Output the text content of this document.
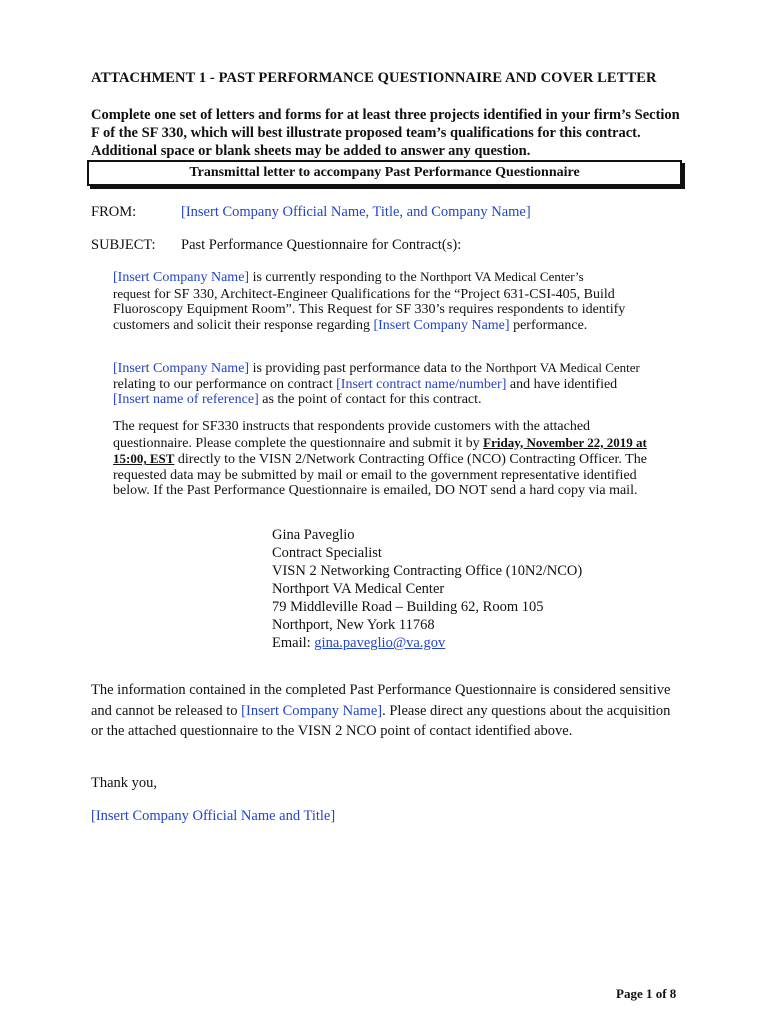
ATTACHMENT 1 - PAST PERFORMANCE QUESTIONNAIRE AND COVER LETTER
Complete one set of letters and forms for at least three projects identified in your firm’s Section F of the SF 330, which will best illustrate proposed team’s qualifications for this contract. Additional space or blank sheets may be added to answer any question.
Transmittal letter to accompany Past Performance Questionnaire
FROM:	[Insert Company Official Name, Title, and Company Name]
SUBJECT: Past Performance Questionnaire for Contract(s):
[Insert Company Name] is currently responding to the Northport VA Medical Center’s
request for SF 330, Architect-Engineer Qualifications for the “Project 631-CSI-405, Build Fluoroscopy Equipment Room”. This Request for SF 330’s requires respondents to identify customers and solicit their response regarding [Insert Company Name] performance.
[Insert Company Name] is providing past performance data to the Northport VA Medical Center relating to our performance on contract [Insert contract name/number] and have identified [Insert name of reference] as the point of contact for this contract.
The request for SF330 instructs that respondents provide customers with the attached questionnaire. Please complete the questionnaire and submit it by Friday, November 22, 2019 at 15:00, EST directly to the VISN 2/Network Contracting Office (NCO) Contracting Officer. The requested data may be submitted by mail or email to the government representative identified below. If the Past Performance Questionnaire is emailed, DO NOT send a hard copy via mail.
Gina Paveglio
Contract Specialist
VISN 2 Networking Contracting Office (10N2/NCO)
Northport VA Medical Center
79 Middleville Road – Building 62, Room 105
Northport, New York 11768
Email: gina.paveglio@va.gov
The information contained in the completed Past Performance Questionnaire is considered sensitive and cannot be released to [Insert Company Name]. Please direct any questions about the acquisition or the attached questionnaire to the VISN 2 NCO point of contact identified above.
Thank you,
[Insert Company Official Name and Title]
Page 1 of 8
